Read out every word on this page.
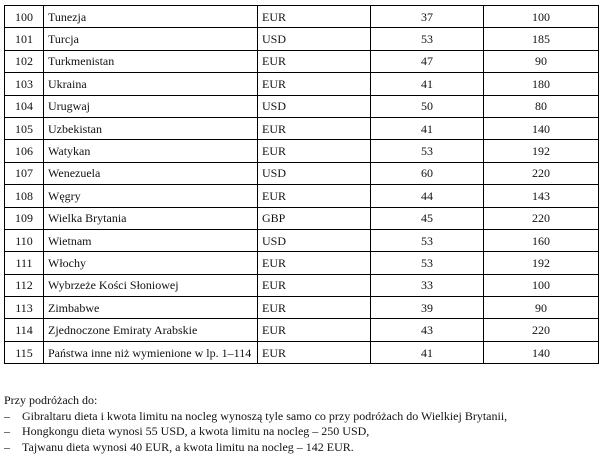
100	Tunezja	EUR	37	100
101	Turcja	USD	53	185
102	Turkmenistan	EUR	47	90
103	Ukraina	EUR	41	180
104	Urugwaj	USD	50	80
105	Uzbekistan	EUR	41	140
106	Watykan	EUR	53	192
107	Wenezuela	USD	60	220
108	Węgry	EUR	44	143
109	Wielka Brytania	GBP	45	220
110	Wietnam	USD	53	160
111	Włochy	EUR	53	192
112	Wybrzeże Kości Słoniowej	EUR	33	100
113	Zimbabwe	EUR	39	90
114	Zjednoczone Emiraty Arabskie	EUR	43	220
115	Państwa inne niż wymienione w lp. 1–114	EUR	41	140
Przy podróżach do:
–	Gibraltaru dieta i kwota limitu na nocleg wynoszą tyle samo co przy podróżach do Wielkiej Brytanii,
–	Hongkongu dieta wynosi 55 USD, a kwota limitu na nocleg – 250 USD,
–	Tajwanu dieta wynosi 40 EUR, a kwota limitu na nocleg – 142 EUR.
